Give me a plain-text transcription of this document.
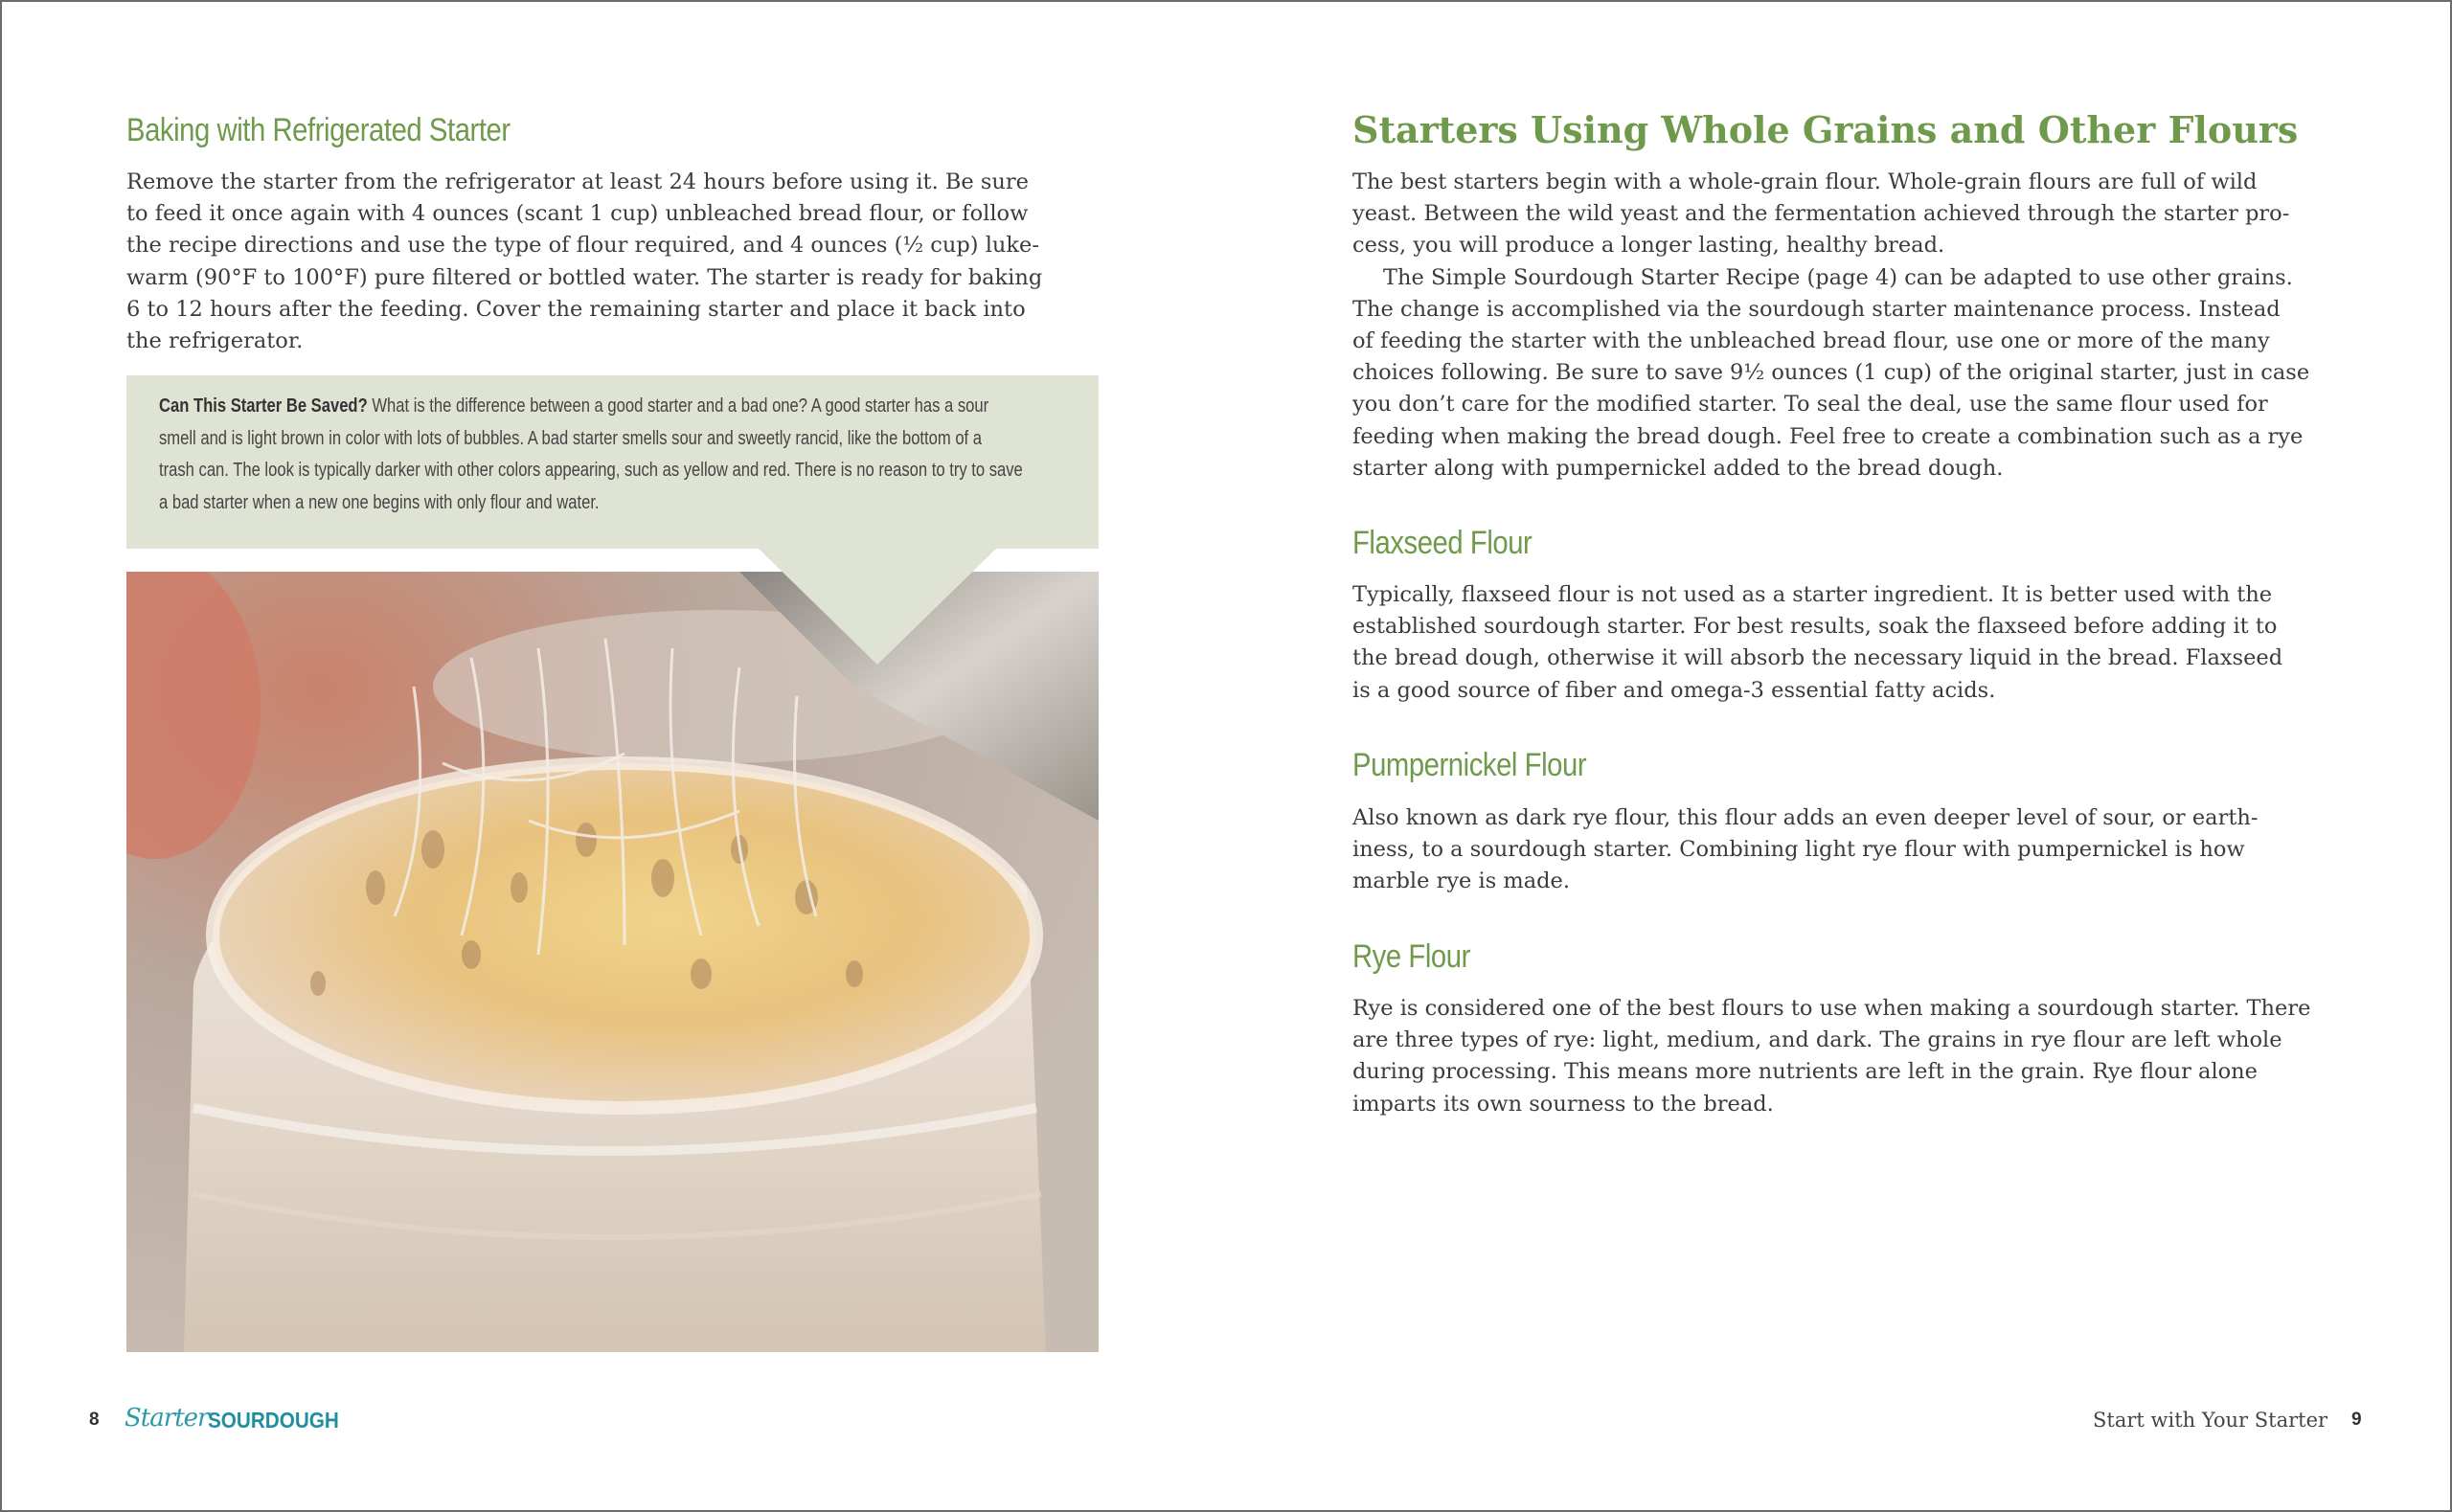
Baking with Refrigerated Starter
Remove the starter from the refrigerator at least 24 hours before using it. Be sure
to feed it once again with 4 ounces (scant 1 cup) unbleached bread flour, or follow
the recipe directions and use the type of flour required, and 4 ounces (½ cup) luke-
warm (90°F to 100°F) pure filtered or bottled water. The starter is ready for baking
6 to 12 hours after the feeding. Cover the remaining starter and place it back into
the refrigerator.
Can This Starter Be Saved? What is the difference between a good starter and a bad one? A good starter has a sour
smell and is light brown in color with lots of bubbles. A bad starter smells sour and sweetly rancid, like the bottom of a
trash can. The look is typically darker with other colors appearing, such as yellow and red. There is no reason to try to save
a bad starter when a new one begins with only flour and water.
8 Starter SOURDOUGH
Starters Using Whole Grains and Other Flours
The best starters begin with a whole-grain flour. Whole-grain flours are full of wild
yeast. Between the wild yeast and the fermentation achieved through the starter pro-
cess, you will produce a longer lasting, healthy bread.
The Simple Sourdough Starter Recipe (page 4) can be adapted to use other grains.
The change is accomplished via the sourdough starter maintenance process. Instead
of feeding the starter with the unbleached bread flour, use one or more of the many
choices following. Be sure to save 9½ ounces (1 cup) of the original starter, just in case
you don’t care for the modified starter. To seal the deal, use the same flour used for
feeding when making the bread dough. Feel free to create a combination such as a rye
starter along with pumpernickel added to the bread dough.
Flaxseed Flour
Typically, flaxseed flour is not used as a starter ingredient. It is better used with the
established sourdough starter. For best results, soak the flaxseed before adding it to
the bread dough, otherwise it will absorb the necessary liquid in the bread. Flaxseed
is a good source of fiber and omega-3 essential fatty acids.
Pumpernickel Flour
Also known as dark rye flour, this flour adds an even deeper level of sour, or earth-
iness, to a sourdough starter. Combining light rye flour with pumpernickel is how
marble rye is made.
Rye Flour
Rye is considered one of the best flours to use when making a sourdough starter. There
are three types of rye: light, medium, and dark. The grains in rye flour are left whole
during processing. This means more nutrients are left in the grain. Rye flour alone
imparts its own sourness to the bread.
Start with Your Starter 9
